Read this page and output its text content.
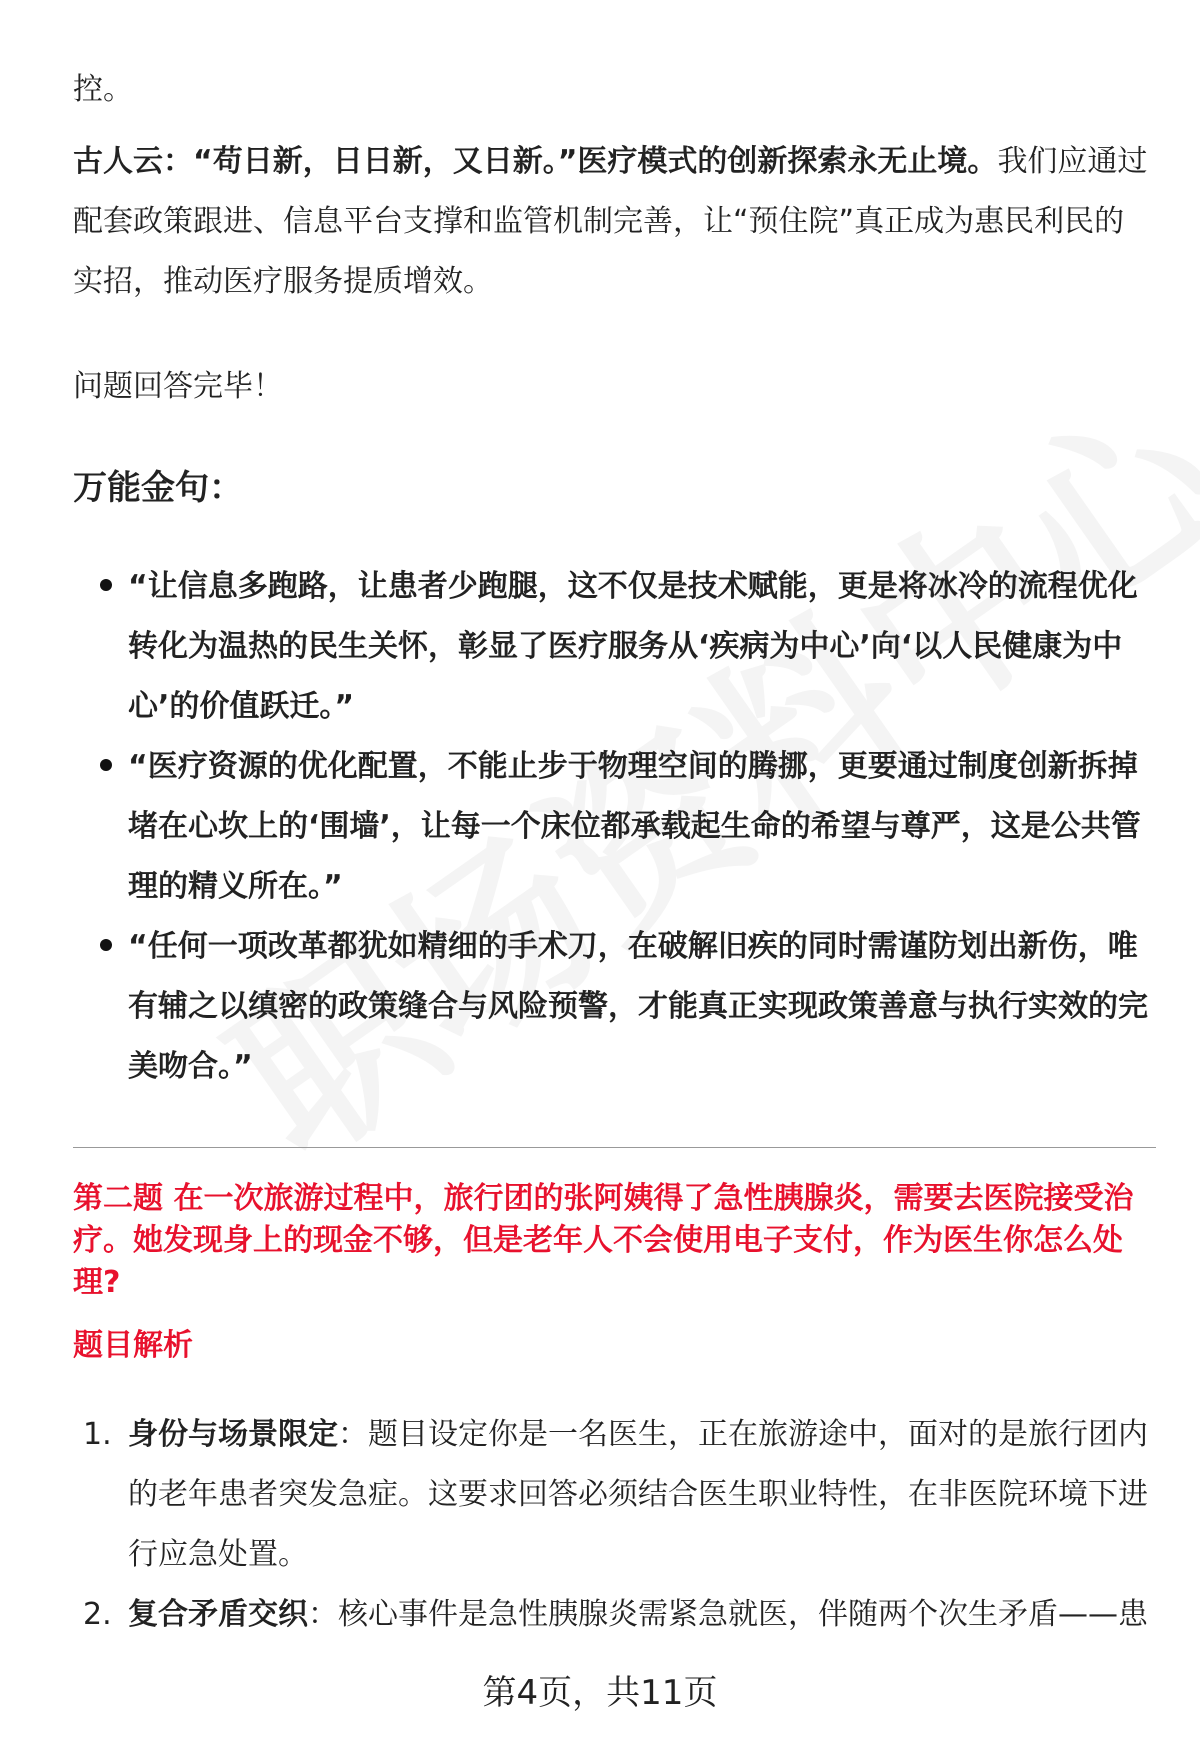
控。

古人云：“苟日新，日日新，又日新。”医疗模式的创新探索永无止境。我们应通过配套政策跟进、信息平台支撑和监管机制完善，让“预住院”真正成为惠民利民的实招，推动医疗服务提质增效。

问题回答完毕！

万能金句：

“让信息多跑路，让患者少跑腿，这不仅是技术赋能，更是将冰冷的流程优化转化为温热的民生关怀，彰显了医疗服务从‘疾病为中心’向‘以人民健康为中心’的价值跃迁。”
“医疗资源的优化配置，不能止步于物理空间的腾挪，更要通过制度创新拆掉堵在心坎上的‘围墙’，让每一个床位都承载起生命的希望与尊严，这是公共管理的精义所在。”
“任何一项改革都犹如精细的手术刀，在破解旧疾的同时需谨防划出新伤，唯有辅之以缜密的政策缝合与风险预警，才能真正实现政策善意与执行实效的完美吻合。”

第二题 在一次旅游过程中，旅行团的张阿姨得了急性胰腺炎，需要去医院接受治疗。她发现身上的现金不够，但是老年人不会使用电子支付，作为医生你怎么处理?

题目解析

1. 身份与场景限定：题目设定你是一名医生，正在旅游途中，面对的是旅行团内的老年患者突发急症。这要求回答必须结合医生职业特性，在非医院环境下进行应急处置。
2. 复合矛盾交织：核心事件是急性胰腺炎需紧急就医，伴随两个次生矛盾——患
第4页，共11页
